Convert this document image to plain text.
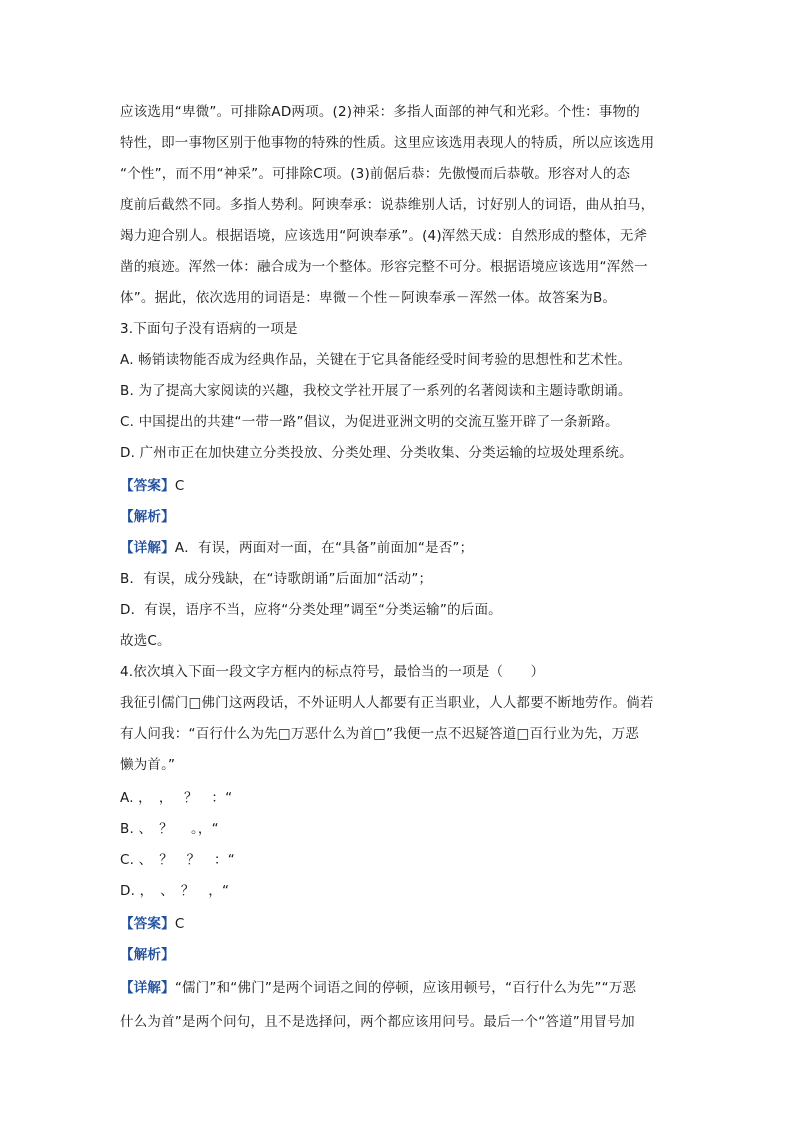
应该选用“卑微”。可排除AD两项。(2)神采：多指人面部的神气和光彩。个性：事物的
特性，即一事物区别于他事物的特殊的性质。这里应该选用表现人的特质，所以应该选用
“个性”，而不用“神采”。可排除C项。(3)前倨后恭：先傲慢而后恭敬。形容对人的态
度前后截然不同。多指人势利。阿谀奉承：说恭维别人话，讨好别人的词语，曲从拍马，
竭力迎合别人。根据语境，应该选用“阿谀奉承”。(4)浑然天成：自然形成的整体，无斧
凿的痕迹。浑然一体：融合成为一个整体。形容完整不可分。根据语境应该选用“浑然一
体”。据此，依次选用的词语是：卑微－个性－阿谀奉承－浑然一体。故答案为B。
3.下面句子没有语病的一项是
A. 畅销读物能否成为经典作品，关键在于它具备能经受时间考验的思想性和艺术性。
B. 为了提高大家阅读的兴趣，我校文学社开展了一系列的名著阅读和主题诗歌朗诵。
C. 中国提出的共建“一带一路”倡议，为促进亚洲文明的交流互鉴开辟了一条新路。
D. 广州市正在加快建立分类投放、分类处理、分类收集、分类运输的垃圾处理系统。
【答案】C
【解析】
【详解】A．有误，两面对一面，在“具备”前面加“是否”；
B．有误，成分残缺，在“诗歌朗诵”后面加“活动”；
D．有误，语序不当，应将“分类处理”调至“分类运输”的后面。
故选C。
4.依次填入下面一段文字方框内的标点符号，最恰当的一项是（　　）
我征引儒门□佛门这两段话，不外证明人人都要有正当职业，人人都要不断地劳作。倘若
有人问我：“百行什么为先□万恶什么为首□”我便一点不迟疑答道□百行业为先，万恶
懒为首。”
A. ，　，　 ？　：“
B. 、　？　 。，“
C. 、　？　？　：“
D. ，　、　？　，“
【答案】C
【解析】
【详解】“儒门”和“佛门”是两个词语之间的停顿，应该用顿号，“百行什么为先”“万恶
什么为首”是两个问句，且不是选择问，两个都应该用问号。最后一个“答道”用冒号加
